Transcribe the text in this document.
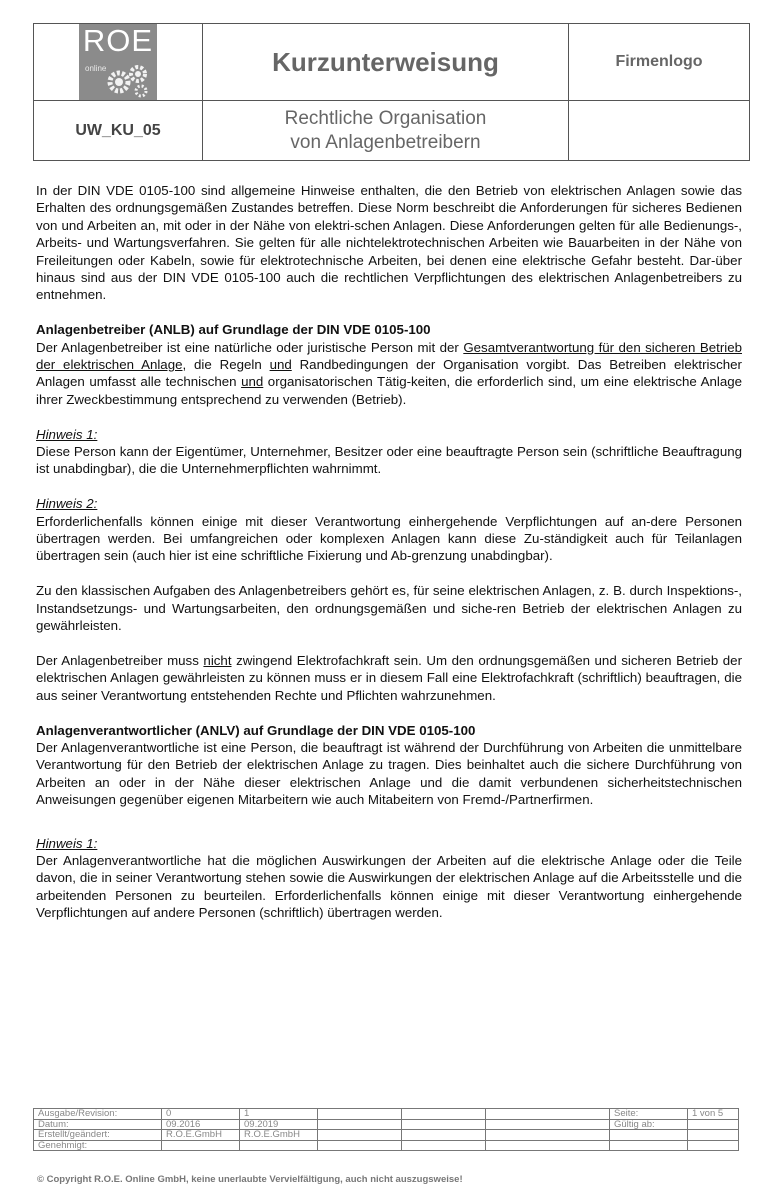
ROE
online	Kurzunterweisung	Firmenlogo
UW_KU_05	Rechtliche Organisation
von Anlagenbetreibern	

In der DIN VDE 0105-100 sind allgemeine Hinweise enthalten, die den Betrieb von elektrischen Anlagen sowie das Erhalten des ordnungsgemäßen Zustandes betreffen. Diese Norm beschreibt die Anforderungen für sicheres Bedienen von und Arbeiten an, mit oder in der Nähe von elektri-schen Anlagen. Diese Anforderungen gelten für alle Bedienungs-, Arbeits- und Wartungsverfahren. Sie gelten für alle nichtelektrotechnischen Arbeiten wie Bauarbeiten in der Nähe von Freileitungen oder Kabeln, sowie für elektrotechnische Arbeiten, bei denen eine elektrische Gefahr besteht. Dar-über hinaus sind aus der DIN VDE 0105-100 auch die rechtlichen Verpflichtungen des elektrischen Anlagenbetreibers zu entnehmen.

Anlagenbetreiber (ANLB) auf Grundlage der DIN VDE 0105-100

Der Anlagenbetreiber ist eine natürliche oder juristische Person mit der Gesamtverantwortung für den sicheren Betrieb der elektrischen Anlage, die Regeln und Randbedingungen der Organisation vorgibt. Das Betreiben elektrischer Anlagen umfasst alle technischen und organisatorischen Tätig-keiten, die erforderlich sind, um eine elektrische Anlage ihrer Zweckbestimmung entsprechend zu verwenden (Betrieb).

Hinweis 1:

Diese Person kann der Eigentümer, Unternehmer, Besitzer oder eine beauftragte Person sein (schriftliche Beauftragung ist unabdingbar), die die Unternehmerpflichten wahrnimmt.

Hinweis 2:

Erforderlichenfalls können einige mit dieser Verantwortung einhergehende Verpflichtungen auf an-dere Personen übertragen werden. Bei umfangreichen oder komplexen Anlagen kann diese Zu-ständigkeit auch für Teilanlagen übertragen sein (auch hier ist eine schriftliche Fixierung und Ab-grenzung unabdingbar).

Zu den klassischen Aufgaben des Anlagenbetreibers gehört es, für seine elektrischen Anlagen, z. B. durch Inspektions-, Instandsetzungs- und Wartungsarbeiten, den ordnungsgemäßen und siche-ren Betrieb der elektrischen Anlagen zu gewährleisten.

Der Anlagenbetreiber muss nicht zwingend Elektrofachkraft sein. Um den ordnungsgemäßen und sicheren Betrieb der elektrischen Anlagen gewährleisten zu können muss er in diesem Fall eine Elektrofachkraft (schriftlich) beauftragen, die aus seiner Verantwortung entstehenden Rechte und Pflichten wahrzunehmen.

Anlagenverantwortlicher (ANLV) auf Grundlage der DIN VDE 0105-100

Der Anlagenverantwortliche ist eine Person, die beauftragt ist während der Durchführung von Arbeiten die unmittelbare Verantwortung für den Betrieb der elektrischen Anlage zu tragen. Dies beinhaltet auch die sichere Durchführung von Arbeiten an oder in der Nähe dieser elektrischen Anlage und die damit verbundenen sicherheitstechnischen Anweisungen gegenüber eigenen Mitarbeitern wie auch Mitabeitern von Fremd-/Partnerfirmen.

Hinweis 1:

Der Anlagenverantwortliche hat die möglichen Auswirkungen der Arbeiten auf die elektrische Anlage oder die Teile davon, die in seiner Verantwortung stehen sowie die Auswirkungen der elektrischen Anlage auf die Arbeitsstelle und die arbeitenden Personen zu beurteilen. Erforderlichenfalls können einige mit dieser Verantwortung einhergehende Verpflichtungen auf andere Personen (schriftlich) übertragen werden.

Ausgabe/Revision:	0	1				Seite:	1 von 5
Datum:	09.2016	09.2019				Gültig ab:	
Erstellt/geändert:	R.O.E.GmbH	R.O.E.GmbH					
Genehmigt:							
© Copyright R.O.E. Online GmbH, keine unerlaubte Vervielfältigung, auch nicht auszugsweise!
